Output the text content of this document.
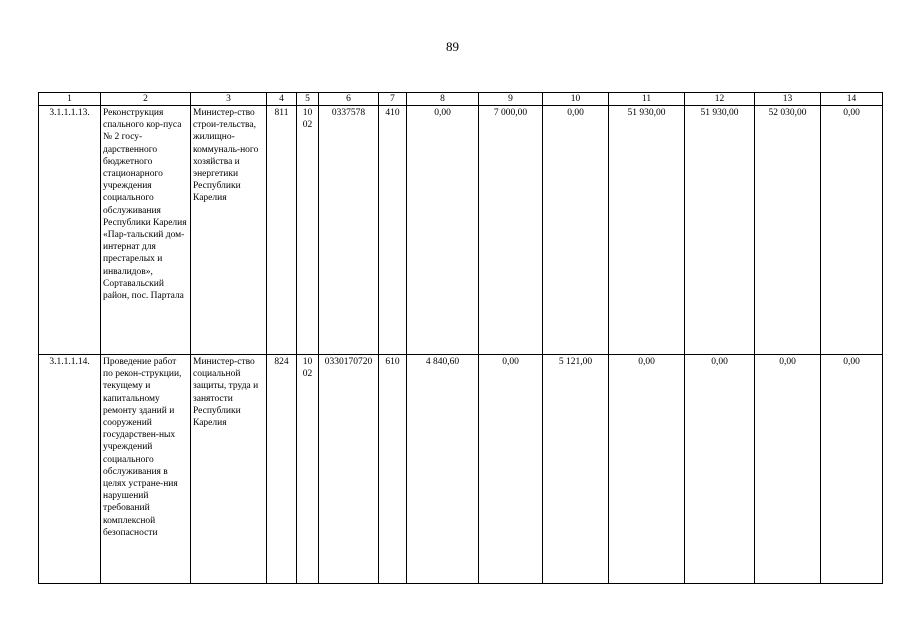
89
1	2	3	4	5	6	7	8	9	10	11	12	13	14
3.1.1.1.13.	Реконструкция спального кор-пуса № 2 госу-дарственного бюджетного стационарного учреждения социального обслуживания Республики Карелия «Пар-тальский дом-интернат для престарелых и инвалидов», Сортавальский район, пос. Партала	Министер-ство строи-тельства, жилищно-коммуналь-ного хозяйства и энергетики Республики Карелия	811	10 02	0337578	410	0,00	7 000,00	0,00	51 930,00	51 930,00	52 030,00	0,00
3.1.1.1.14.	Проведение работ по рекон-струкции, текущему и капитальному ремонту зданий и сооружений государствен-ных учреждений социального обслуживания в целях устране-ния нарушений требований комплексной безопасности	Министер-ство социальной защиты, труда и занятости Республики Карелия	824	10 02	0330170720	610	4 840,60	0,00	5 121,00	0,00	0,00	0,00	0,00
